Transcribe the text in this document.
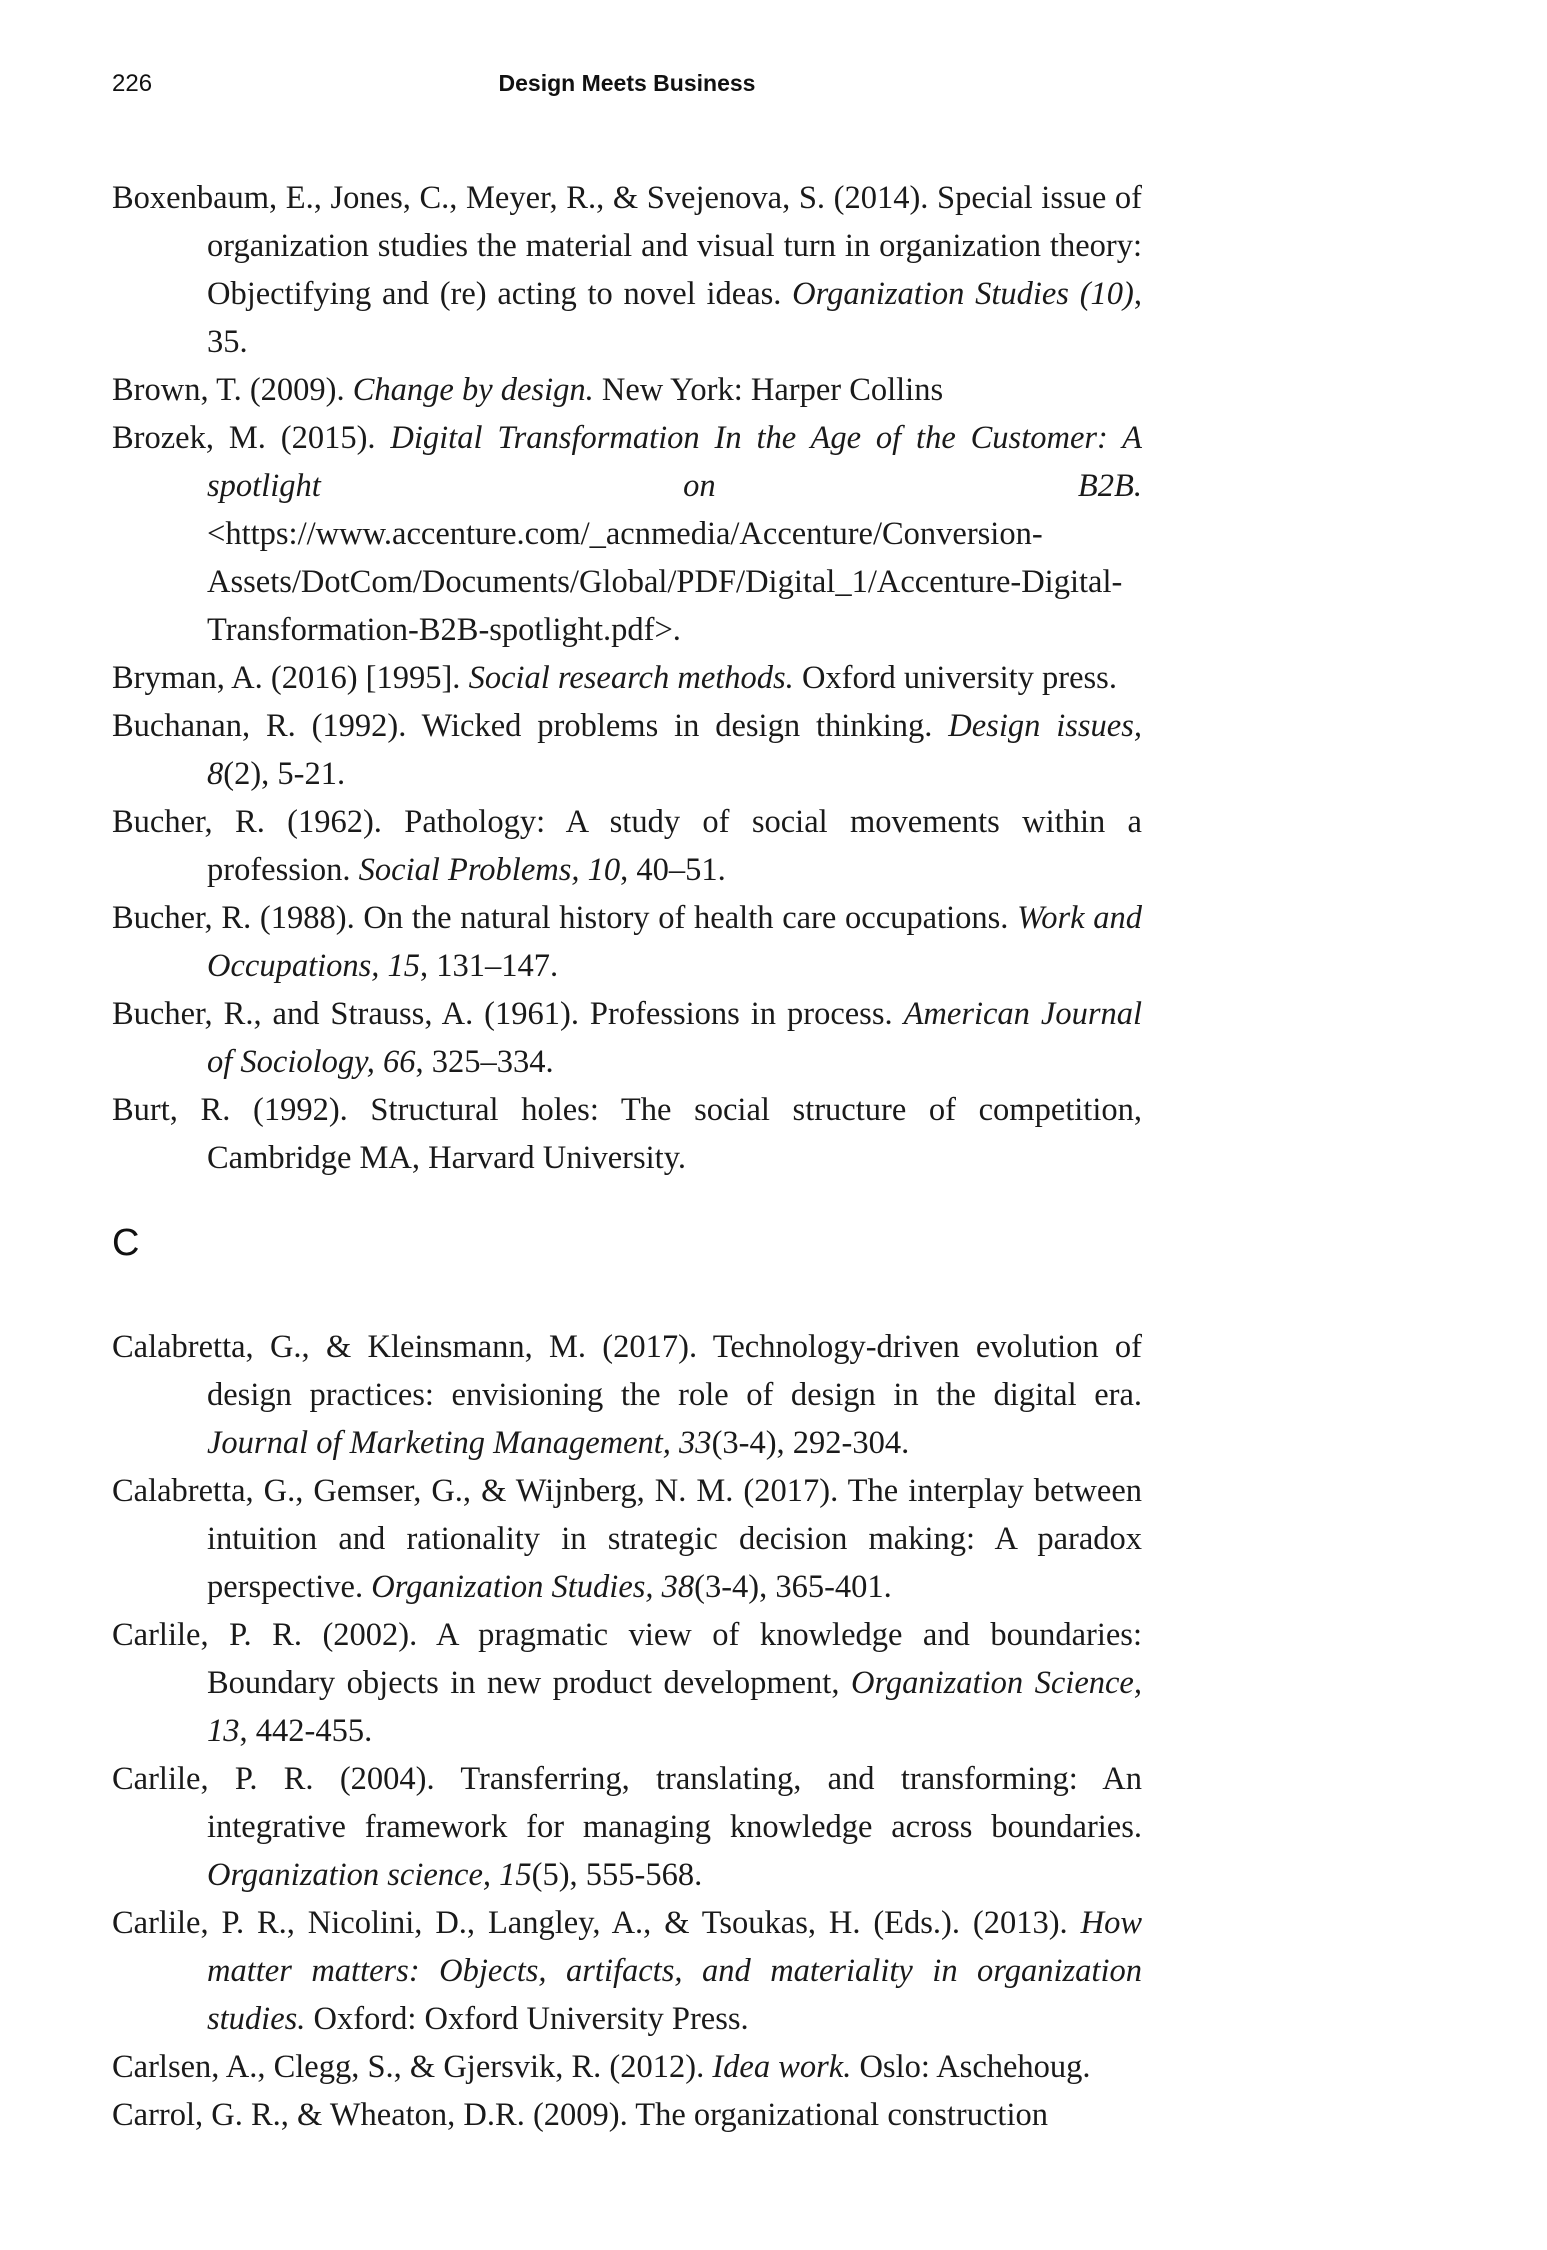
226	Design Meets Business

Boxenbaum, E., Jones, C., Meyer, R., & Svejenova, S. (2014). Special issue of organization studies the material and visual turn in organization theory: Objectifying and (re) acting to novel ideas. Organization Studies (10), 35.

Brown, T. (2009). Change by design. New York: Harper Collins

Brozek, M. (2015). Digital Transformation In the Age of the Customer: A spotlight on B2B. <https://www.accenture.com/_acnmedia/Accenture/Conversion-Assets/DotCom/Documents/Global/PDF/Digital_1/Accenture-Digital-Transformation-B2B-spotlight.pdf>.

Bryman, A. (2016) [1995]. Social research methods. Oxford university press.

Buchanan, R. (1992). Wicked problems in design thinking. Design issues, 8(2), 5-21.

Bucher, R. (1962). Pathology: A study of social movements within a profession. Social Problems, 10, 40–51.

Bucher, R. (1988). On the natural history of health care occupations. Work and Occupations, 15, 131–147.

Bucher, R., and Strauss, A. (1961). Professions in process. American Journal of Sociology, 66, 325–334.

Burt, R. (1992). Structural holes: The social structure of competition, Cambridge MA, Harvard University.

C

Calabretta, G., & Kleinsmann, M. (2017). Technology-driven evolution of design practices: envisioning the role of design in the digital era. Journal of Marketing Management, 33(3-4), 292-304.

Calabretta, G., Gemser, G., & Wijnberg, N. M. (2017). The interplay between intuition and rationality in strategic decision making: A paradox perspective. Organization Studies, 38(3-4), 365-401.

Carlile, P. R. (2002). A pragmatic view of knowledge and boundaries: Boundary objects in new product development, Organization Science, 13, 442-455.

Carlile, P. R. (2004). Transferring, translating, and transforming: An integrative framework for managing knowledge across boundaries. Organization science, 15(5), 555-568.

Carlile, P. R., Nicolini, D., Langley, A., & Tsoukas, H. (Eds.). (2013). How matter matters: Objects, artifacts, and materiality in organization studies. Oxford: Oxford University Press.

Carlsen, A., Clegg, S., & Gjersvik, R. (2012). Idea work. Oslo: Aschehoug.

Carrol, G. R., & Wheaton, D.R. (2009). The organizational construction
